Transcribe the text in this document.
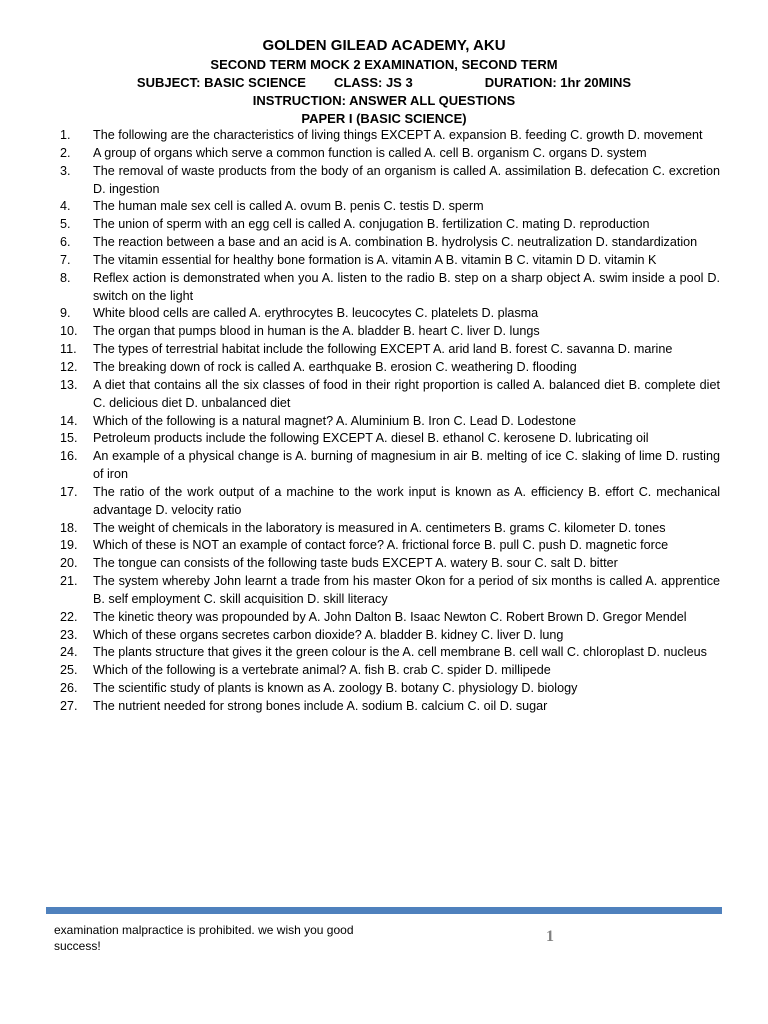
GOLDEN GILEAD ACADEMY, AKU
SECOND TERM MOCK 2 EXAMINATION, SECOND TERM
SUBJECT: BASIC SCIENCE CLASS: JS 3	DURATION: 1hr 20MINS
INSTRUCTION: ANSWER ALL QUESTIONS
PAPER I (BASIC SCIENCE)
1.	The following are the characteristics of living things EXCEPT A. expansion B. feeding C. growth D. movement
2.	A group of organs which serve a common function is called A. cell B. organism C. organs D. system
3.	The removal of waste products from the body of an organism is called A. assimilation B. defecation C. excretion D. ingestion
4.	The human male sex cell is called A. ovum B. penis C. testis D. sperm
5.	The union of sperm with an egg cell is called A. conjugation B. fertilization C. mating D. reproduction
6.	The reaction between a base and an acid is A. combination B. hydrolysis C. neutralization D. standardization
7.	The vitamin essential for healthy bone formation is A. vitamin A B. vitamin B C. vitamin D D. vitamin K
8.	Reflex action is demonstrated when you A. listen to the radio B. step on a sharp object A. swim inside a pool D. switch on the light
9.	White blood cells are called A. erythrocytes B. leucocytes C. platelets D. plasma
10.	The organ that pumps blood in human is the A. bladder B. heart C. liver D. lungs
11.	The types of terrestrial habitat include the following EXCEPT A. arid land B. forest C. savanna D. marine
12.	The breaking down of rock is called A. earthquake B. erosion C. weathering D. flooding
13.	A diet that contains all the six classes of food in their right proportion is called A. balanced diet B. complete diet C. delicious diet D. unbalanced diet
14.	Which of the following is a natural magnet? A. Aluminium B. Iron C. Lead D. Lodestone
15.	Petroleum products include the following EXCEPT A. diesel B. ethanol C. kerosene D. lubricating oil
16.	An example of a physical change is A. burning of magnesium in air B. melting of ice C. slaking of lime D. rusting of iron
17.	The ratio of the work output of a machine to the work input is known as A. efficiency B. effort C. mechanical advantage D. velocity ratio
18.	The weight of chemicals in the laboratory is measured in A. centimeters B. grams C. kilometer D. tones
19.	Which of these is NOT an example of contact force? A. frictional force B. pull C. push D. magnetic force
20.	The tongue can consists of the following taste buds EXCEPT A. watery B. sour C. salt D. bitter
21.	The system whereby John learnt a trade from his master Okon for a period of six months is called A. apprentice B. self employment C. skill acquisition D. skill literacy
22.	The kinetic theory was propounded by A. John Dalton B. Isaac Newton C. Robert Brown D. Gregor Mendel
23.	Which of these organs secretes carbon dioxide? A. bladder B. kidney C. liver D. lung
24.	The plants structure that gives it the green colour is the A. cell membrane B. cell wall C. chloroplast D. nucleus
25.	Which of the following is a vertebrate animal? A. fish B. crab C. spider D. millipede
26.	The scientific study of plants is known as A. zoology B. botany C. physiology D. biology
27.	The nutrient needed for strong bones include A. sodium B. calcium C. oil D. sugar
examination malpractice is prohibited. we wish you good success!
1
